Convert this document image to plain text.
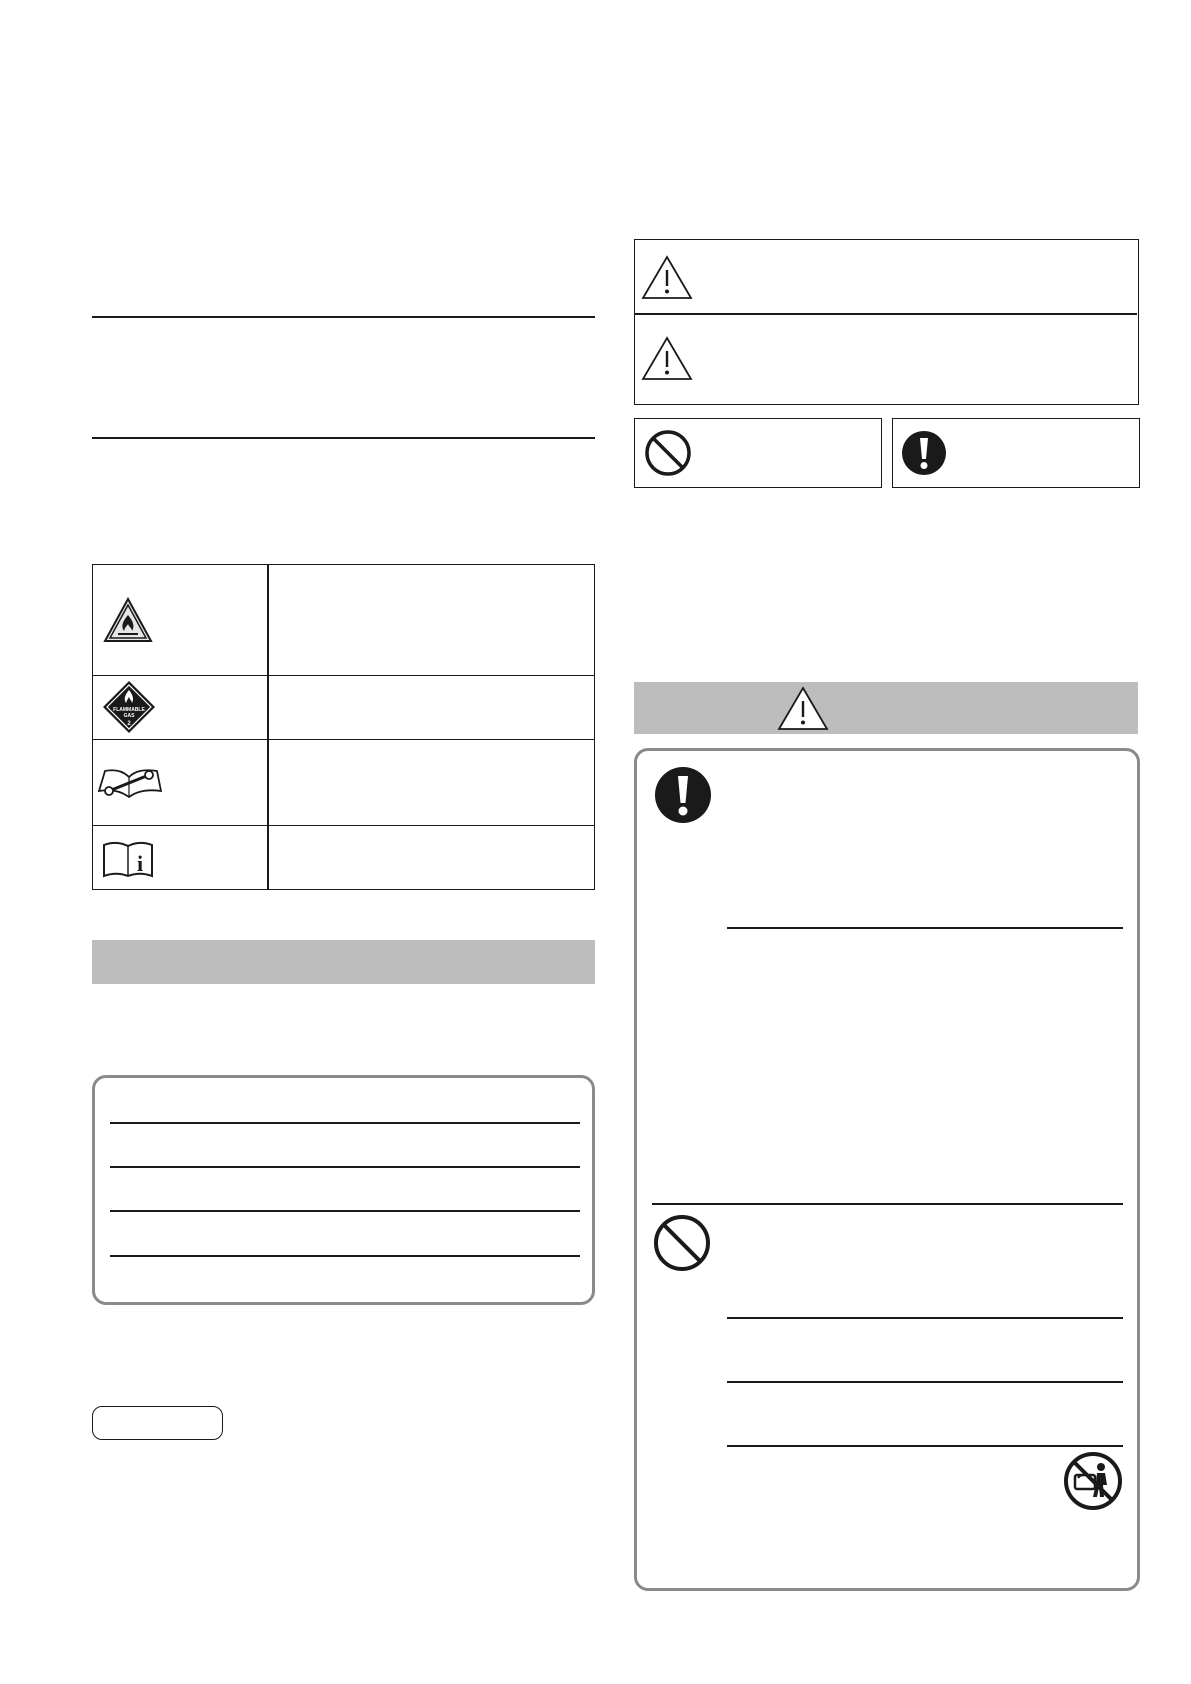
FLAMMABLE
GAS
2
i
